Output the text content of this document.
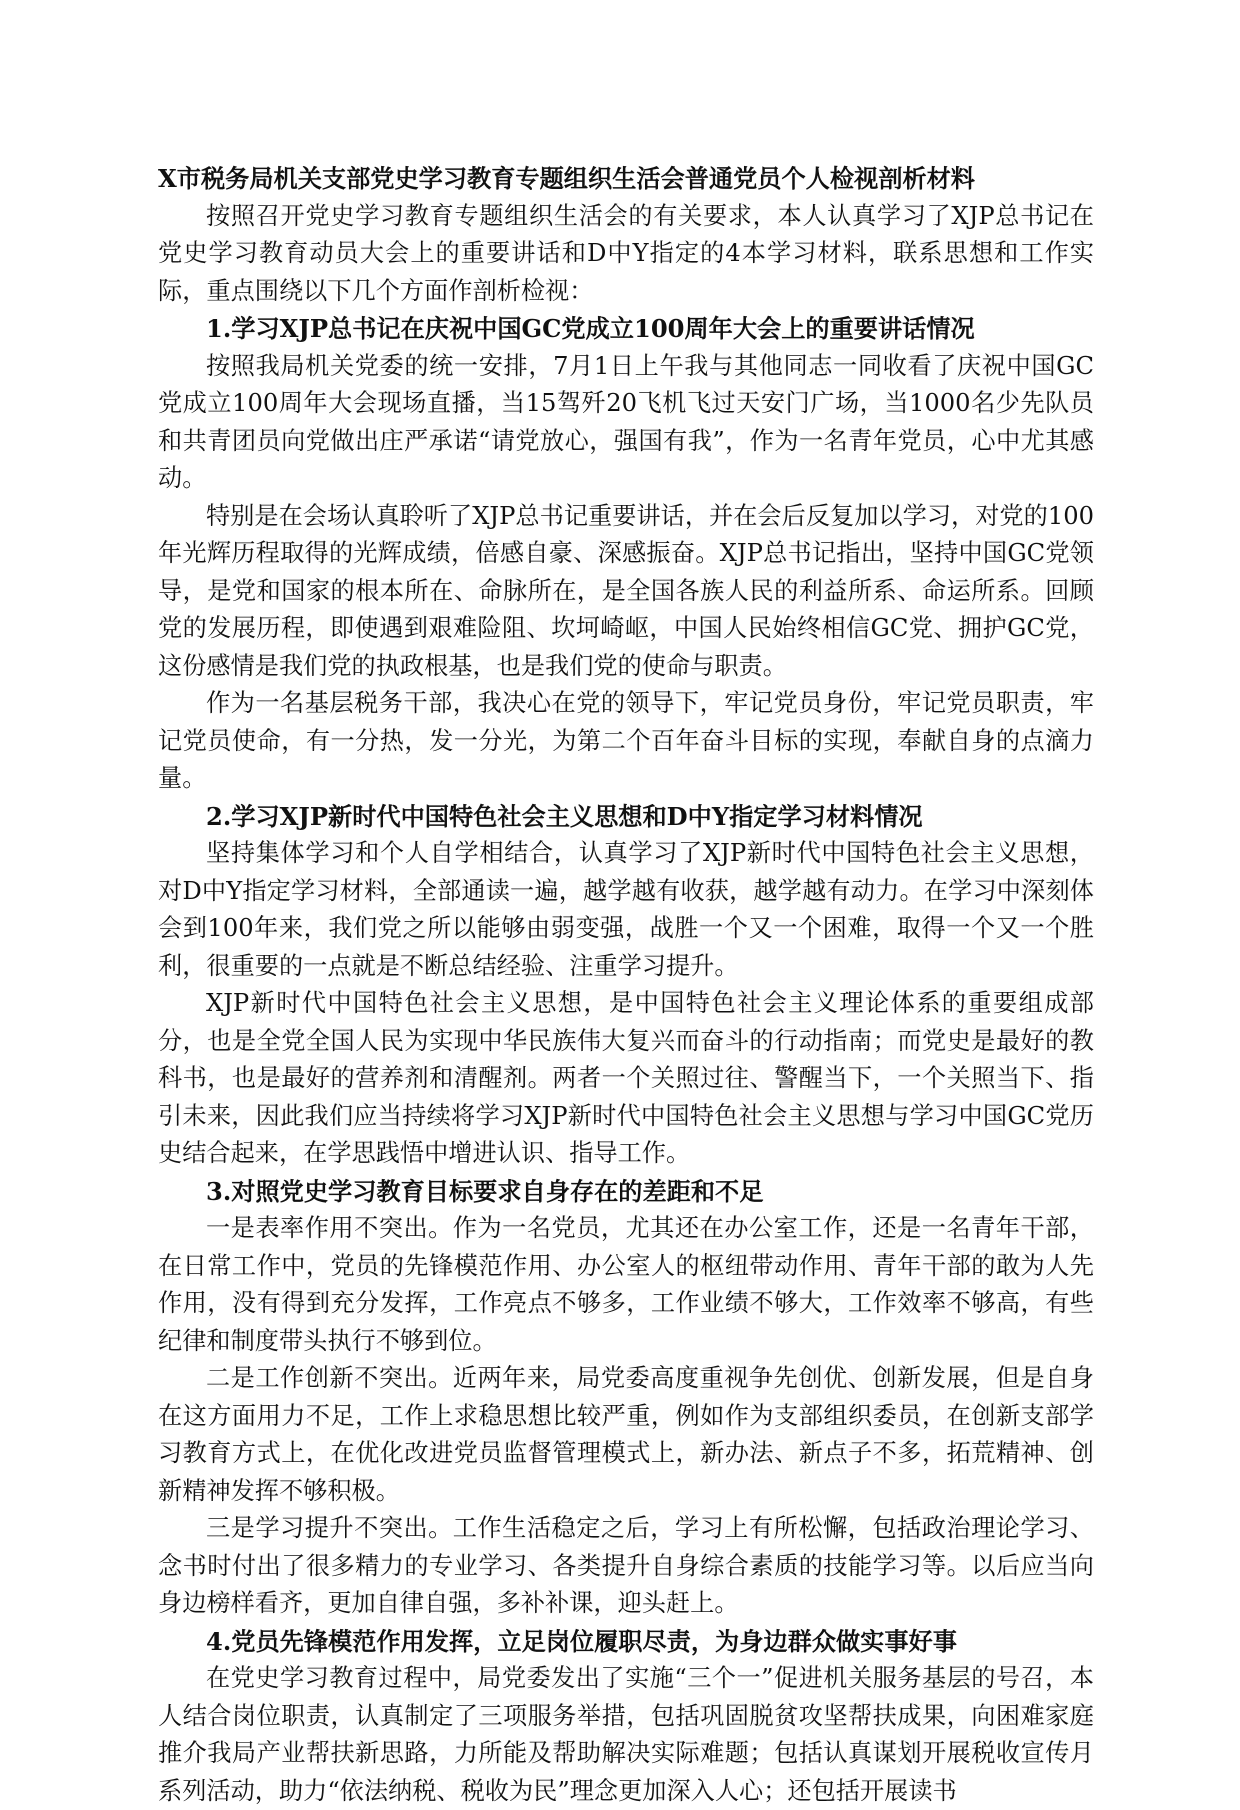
X市税务局机关支部党史学习教育专题组织生活会普通党员个人检视剖析材料

按照召开党史学习教育专题组织生活会的有关要求，本人认真学习了XJP总书记在党史学习教育动员大会上的重要讲话和D中Y指定的4本学习材料，联系思想和工作实际，重点围绕以下几个方面作剖析检视：

1.学习XJP总书记在庆祝中国GC党成立100周年大会上的重要讲话情况

按照我局机关党委的统一安排，7月1日上午我与其他同志一同收看了庆祝中国GC党成立100周年大会现场直播，当15驾歼20飞机飞过天安门广场，当1000名少先队员和共青团员向党做出庄严承诺“请党放心，强国有我”，作为一名青年党员，心中尤其感动。

特别是在会场认真聆听了XJP总书记重要讲话，并在会后反复加以学习，对党的100年光辉历程取得的光辉成绩，倍感自豪、深感振奋。XJP总书记指出，坚持中国GC党领导，是党和国家的根本所在、命脉所在，是全国各族人民的利益所系、命运所系。回顾党的发展历程，即使遇到艰难险阻、坎坷崎岖，中国人民始终相信GC党、拥护GC党，这份感情是我们党的执政根基，也是我们党的使命与职责。

作为一名基层税务干部，我决心在党的领导下，牢记党员身份，牢记党员职责，牢记党员使命，有一分热，发一分光，为第二个百年奋斗目标的实现，奉献自身的点滴力量。

2.学习XJP新时代中国特色社会主义思想和D中Y指定学习材料情况

坚持集体学习和个人自学相结合，认真学习了XJP新时代中国特色社会主义思想，对D中Y指定学习材料，全部通读一遍，越学越有收获，越学越有动力。在学习中深刻体会到100年来，我们党之所以能够由弱变强，战胜一个又一个困难，取得一个又一个胜利，很重要的一点就是不断总结经验、注重学习提升。

XJP新时代中国特色社会主义思想，是中国特色社会主义理论体系的重要组成部分，也是全党全国人民为实现中华民族伟大复兴而奋斗的行动指南；而党史是最好的教科书，也是最好的营养剂和清醒剂。两者一个关照过往、警醒当下，一个关照当下、指引未来，因此我们应当持续将学习XJP新时代中国特色社会主义思想与学习中国GC党历史结合起来，在学思践悟中增进认识、指导工作。

3.对照党史学习教育目标要求自身存在的差距和不足

一是表率作用不突出。作为一名党员，尤其还在办公室工作，还是一名青年干部，在日常工作中，党员的先锋模范作用、办公室人的枢纽带动作用、青年干部的敢为人先作用，没有得到充分发挥，工作亮点不够多，工作业绩不够大，工作效率不够高，有些纪律和制度带头执行不够到位。

二是工作创新不突出。近两年来，局党委高度重视争先创优、创新发展，但是自身在这方面用力不足，工作上求稳思想比较严重，例如作为支部组织委员，在创新支部学习教育方式上，在优化改进党员监督管理模式上，新办法、新点子不多，拓荒精神、创新精神发挥不够积极。

三是学习提升不突出。工作生活稳定之后，学习上有所松懈，包括政治理论学习、念书时付出了很多精力的专业学习、各类提升自身综合素质的技能学习等。以后应当向身边榜样看齐，更加自律自强，多补补课，迎头赶上。

4.党员先锋模范作用发挥，立足岗位履职尽责，为身边群众做实事好事

在党史学习教育过程中，局党委发出了实施“三个一”促进机关服务基层的号召，本人结合岗位职责，认真制定了三项服务举措，包括巩固脱贫攻坚帮扶成果，向困难家庭推介我局产业帮扶新思路，力所能及帮助解决实际难题；包括认真谋划开展税收宣传月系列活动，助力“依法纳税、税收为民”理念更加深入人心；还包括开展读书
